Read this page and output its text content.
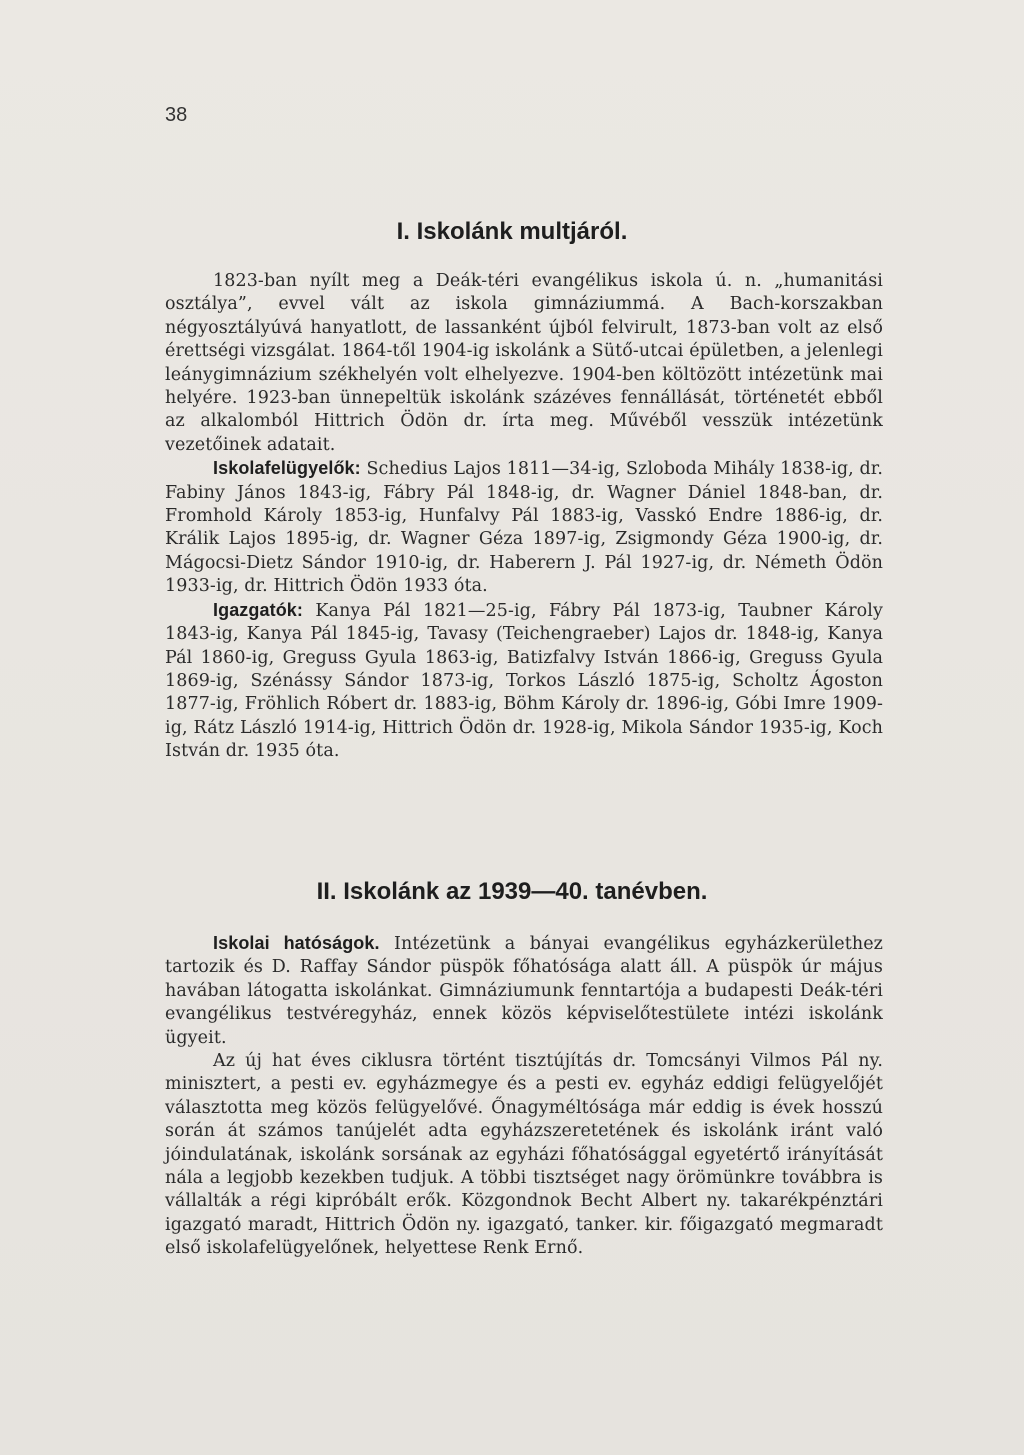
38
I. Iskolánk multjáról.

1823-ban nyílt meg a Deák-téri evangélikus iskola ú. n. „humanitási osztálya”, evvel vált az iskola gimnáziummá. A Bach-korszakban négyosztályúvá hanyatlott, de lassanként újból felvirult, 1873-ban volt az első érettségi vizsgálat. 1864-től 1904-ig iskolánk a Sütő-utcai épületben, a jelenlegi leánygimnázium székhelyén volt elhelyezve. 1904-ben költözött intézetünk mai helyére. 1923-ban ünnepeltük iskolánk százéves fennállását, történetét ebből az alkalomból Hittrich Ödön dr. írta meg. Művéből vesszük intézetünk vezetőinek adatait.

Iskolafelügyelők: Schedius Lajos 1811—34-ig, Szloboda Mihály 1838-ig, dr. Fabiny János 1843-ig, Fábry Pál 1848-ig, dr. Wagner Dániel 1848-ban, dr. Fromhold Károly 1853-ig, Hunfalvy Pál 1883-ig, Vasskó Endre 1886-ig, dr. Králik Lajos 1895-ig, dr. Wagner Géza 1897-ig, Zsigmondy Géza 1900-ig, dr. Mágocsi-Dietz Sándor 1910-ig, dr. Haberern J. Pál 1927-ig, dr. Németh Ödön 1933-ig, dr. Hittrich Ödön 1933 óta.

Igazgatók: Kanya Pál 1821—25-ig, Fábry Pál 1873-ig, Taubner Károly 1843-ig, Kanya Pál 1845-ig, Tavasy (Teichengraeber) Lajos dr. 1848-ig, Kanya Pál 1860-ig, Greguss Gyula 1863-ig, Batizfalvy István 1866-ig, Greguss Gyula 1869-ig, Szénássy Sándor 1873-ig, Torkos László 1875-ig, Scholtz Ágoston 1877-ig, Fröhlich Róbert dr. 1883-ig, Böhm Károly dr. 1896-ig, Góbi Imre 1909-ig, Rátz László 1914-ig, Hittrich Ödön dr. 1928-ig, Mikola Sándor 1935-ig, Koch István dr. 1935 óta.

II. Iskolánk az 1939—40. tanévben.

Iskolai hatóságok. Intézetünk a bányai evangélikus egyházkerülethez tartozik és D. Raffay Sándor püspök főhatósága alatt áll. A püspök úr május havában látogatta iskolánkat. Gimnáziumunk fenntartója a budapesti Deák-téri evangélikus testvéregyház, ennek közös képviselőtestülete intézi iskolánk ügyeit.

Az új hat éves ciklusra történt tisztújítás dr. Tomcsányi Vilmos Pál ny. minisztert, a pesti ev. egyházmegye és a pesti ev. egyház eddigi felügyelőjét választotta meg közös felügyelővé. Őnagyméltósága már eddig is évek hosszú során át számos tanújelét adta egyházszeretetének és iskolánk iránt való jóindulatának, iskolánk sorsának az egyházi főhatósággal egyetértő irányítását nála a legjobb kezekben tudjuk. A többi tisztséget nagy örömünkre továbbra is vállalták a régi kipróbált erők. Közgondnok Becht Albert ny. takarékpénztári igazgató maradt, Hittrich Ödön ny. igazgató, tanker. kir. főigazgató megmaradt első iskolafelügyelőnek, helyettese Renk Ernő.
